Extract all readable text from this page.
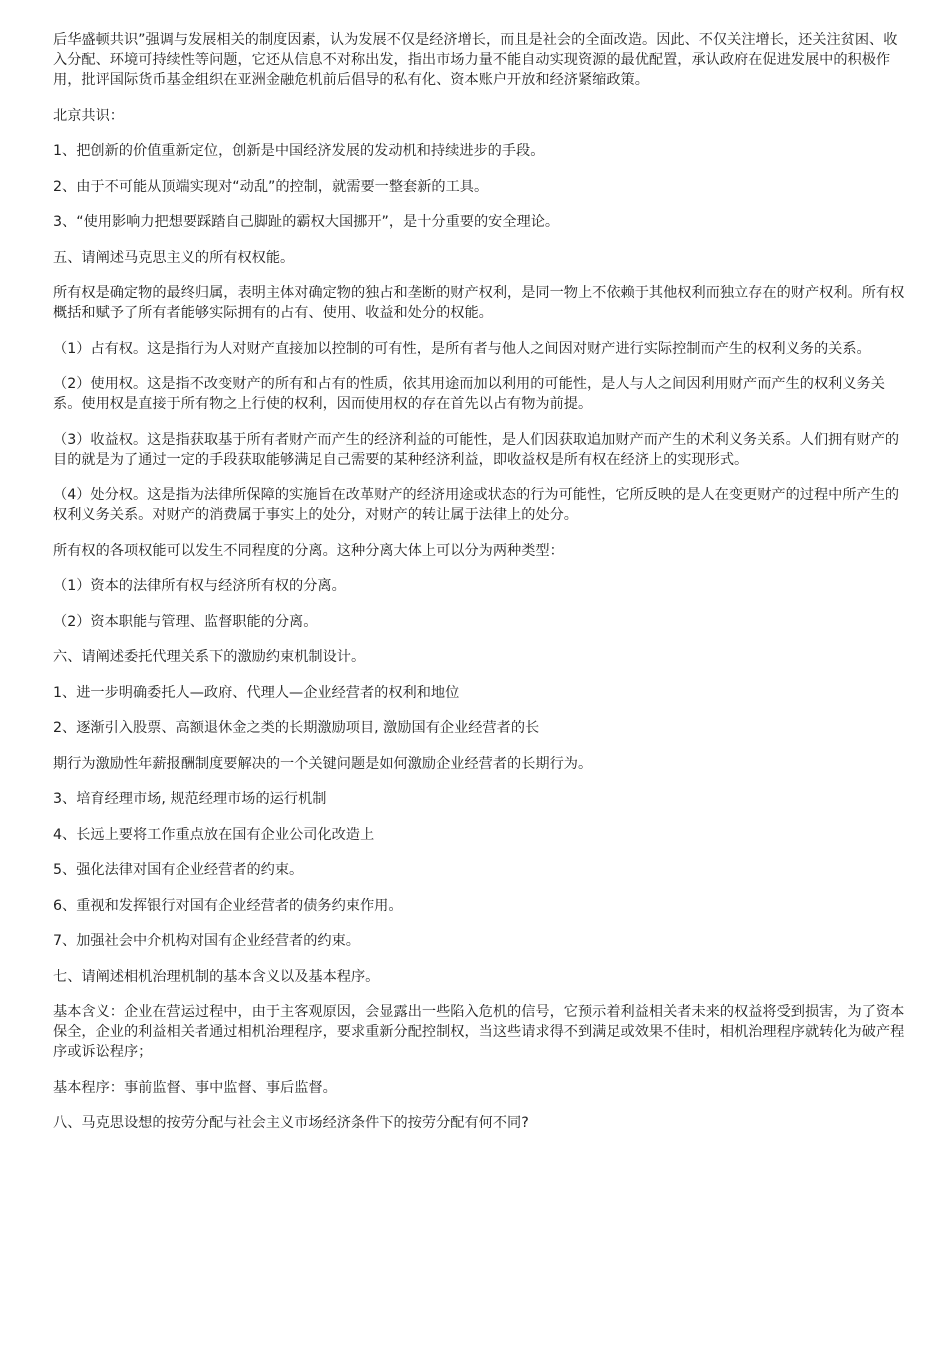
后华盛顿共识”强调与发展相关的制度因素，认为发展不仅是经济增长，而且是社会的全面改造。因此、不仅关注增长，还关注贫困、收入分配、环境可持续性等问题，它还从信息不对称出发，指出市场力量不能自动实现资源的最优配置，承认政府在促进发展中的积极作用，批评国际货币基金组织在亚洲金融危机前后倡导的私有化、资本账户开放和经济紧缩政策。

北京共识：

1、把创新的价值重新定位，创新是中国经济发展的发动机和持续进步的手段。

2、由于不可能从顶端实现对“动乱”的控制，就需要一整套新的工具。

3、“使用影响力把想要踩踏自己脚趾的霸权大国挪开”，是十分重要的安全理论。

五、请阐述马克思主义的所有权权能。

所有权是确定物的最终归属，表明主体对确定物的独占和垄断的财产权利，是同一物上不依赖于其他权利而独立存在的财产权利。所有权概括和赋予了所有者能够实际拥有的占有、使用、收益和处分的权能。

（1）占有权。这是指行为人对财产直接加以控制的可有性，是所有者与他人之间因对财产进行实际控制而产生的权利义务的关系。

（2）使用权。这是指不改变财产的所有和占有的性质，依其用途而加以利用的可能性，是人与人之间因利用财产而产生的权利义务关系。使用权是直接于所有物之上行使的权利，因而使用权的存在首先以占有物为前提。

（3）收益权。这是指获取基于所有者财产而产生的经济利益的可能性，是人们因获取追加财产而产生的术利义务关系。人们拥有财产的目的就是为了通过一定的手段获取能够满足自己需要的某种经济利益，即收益权是所有权在经济上的实现形式。

（4）处分权。这是指为法律所保障的实施旨在改革财产的经济用途或状态的行为可能性，它所反映的是人在变更财产的过程中所产生的权利义务关系。对财产的消费属于事实上的处分，对财产的转让属于法律上的处分。

所有权的各项权能可以发生不同程度的分离。这种分离大体上可以分为两种类型：

（1）资本的法律所有权与经济所有权的分离。

（2）资本职能与管理、监督职能的分离。

六、请阐述委托代理关系下的激励约束机制设计。

1、进一步明确委托人—政府、代理人—企业经营者的权利和地位

2、逐渐引入股票、高额退休金之类的长期激励项目, 激励国有企业经营者的长

期行为激励性年薪报酬制度要解决的一个关键问题是如何激励企业经营者的长期行为。

3、培育经理市场, 规范经理市场的运行机制

4、长远上要将工作重点放在国有企业公司化改造上

5、强化法律对国有企业经营者的约束。

6、重视和发挥银行对国有企业经营者的债务约束作用。

7、加强社会中介机构对国有企业经营者的约束。

七、请阐述相机治理机制的基本含义以及基本程序。

基本含义：企业在营运过程中，由于主客观原因，会显露出一些陷入危机的信号，它预示着利益相关者未来的权益将受到损害，为了资本保全，企业的利益相关者通过相机治理程序，要求重新分配控制权，当这些请求得不到满足或效果不佳时，相机治理程序就转化为破产程序或诉讼程序；

基本程序：事前监督、事中监督、事后监督。

八、马克思设想的按劳分配与社会主义市场经济条件下的按劳分配有何不同?
